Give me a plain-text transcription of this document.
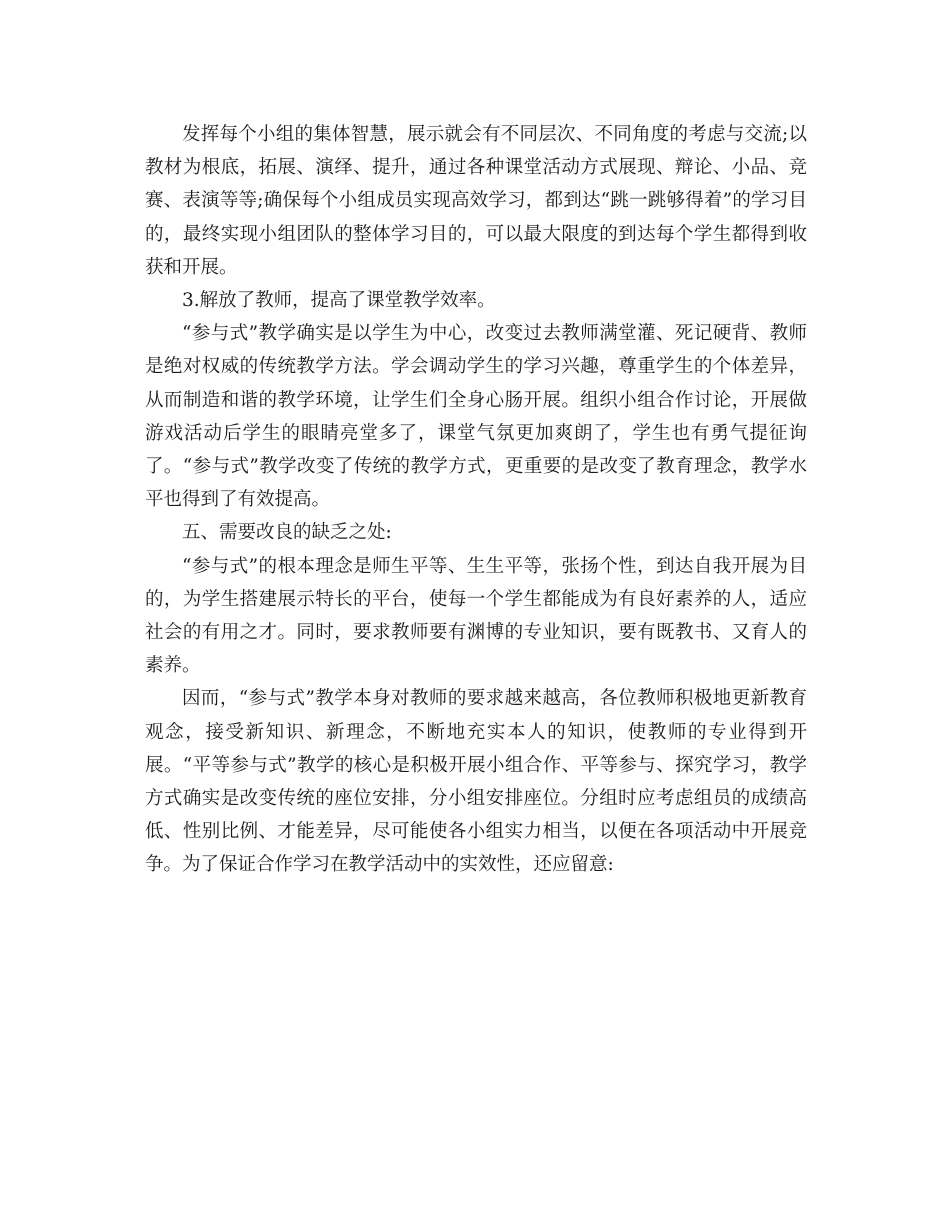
发挥每个小组的集体智慧，展示就会有不同层次、不同角度的考虑与交流;以教材为根底，拓展、演绎、提升，通过各种课堂活动方式展现、辩论、小品、竞赛、表演等等;确保每个小组成员实现高效学习，都到达“跳一跳够得着”的学习目的，最终实现小组团队的整体学习目的，可以最大限度的到达每个学生都得到收获和开展。

3.解放了教师，提高了课堂教学效率。

“参与式”教学确实是以学生为中心，改变过去教师满堂灌、死记硬背、教师是绝对权威的传统教学方法。学会调动学生的学习兴趣，尊重学生的个体差异，从而制造和谐的教学环境，让学生们全身心肠开展。组织小组合作讨论，开展做游戏活动后学生的眼睛亮堂多了，课堂气氛更加爽朗了，学生也有勇气提征询了。“参与式”教学改变了传统的教学方式，更重要的是改变了教育理念，教学水平也得到了有效提高。

五、需要改良的缺乏之处:

“参与式”的根本理念是师生平等、生生平等，张扬个性，到达自我开展为目的，为学生搭建展示特长的平台，使每一个学生都能成为有良好素养的人，适应社会的有用之才。同时，要求教师要有渊博的专业知识，要有既教书、又育人的素养。

因而，“参与式”教学本身对教师的要求越来越高，各位教师积极地更新教育观念，接受新知识、新理念，不断地充实本人的知识，使教师的专业得到开展。“平等参与式”教学的核心是积极开展小组合作、平等参与、探究学习，教学方式确实是改变传统的座位安排，分小组安排座位。分组时应考虑组员的成绩高低、性别比例、才能差异，尽可能使各小组实力相当，以便在各项活动中开展竞争。为了保证合作学习在教学活动中的实效性，还应留意:
